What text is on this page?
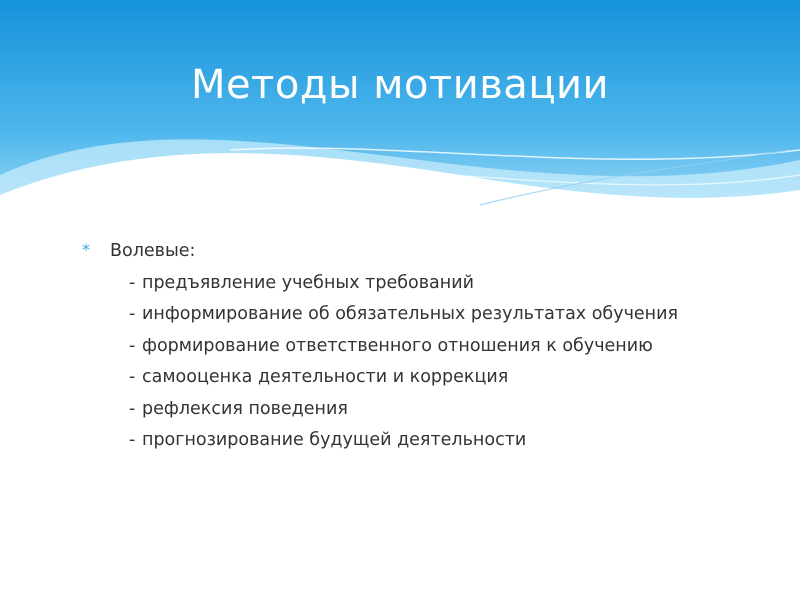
Методы мотивации
* Волевые:
- предъявление учебных требований
- информирование об обязательных результатах обучения
- формирование ответственного отношения к обучению
- самооценка деятельности и коррекция
- рефлексия поведения
- прогнозирование будущей деятельности
